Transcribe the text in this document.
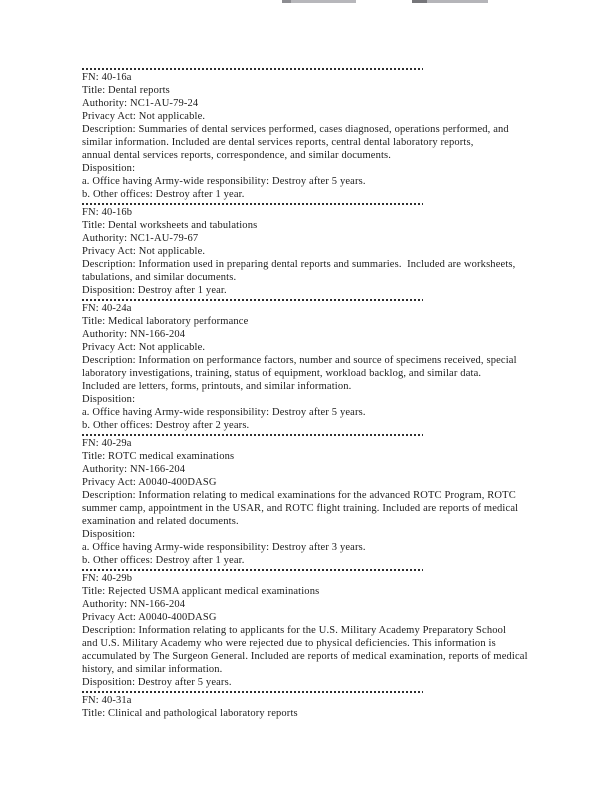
FN: 40-16a
Title: Dental reports
Authority: NC1-AU-79-24
Privacy Act: Not applicable.
Description: Summaries of dental services performed, cases diagnosed, operations performed, and
similar information. Included are dental services reports, central dental laboratory reports,
annual dental services reports, correspondence, and similar documents.
Disposition:
a. Office having Army-wide responsibility: Destroy after 5 years.
b. Other offices: Destroy after 1 year.
FN: 40-16b
Title: Dental worksheets and tabulations
Authority: NC1-AU-79-67
Privacy Act: Not applicable.
Description: Information used in preparing dental reports and summaries.  Included are worksheets,
tabulations, and similar documents.
Disposition: Destroy after 1 year.
FN: 40-24a
Title: Medical laboratory performance
Authority: NN-166-204
Privacy Act: Not applicable.
Description: Information on performance factors, number and source of specimens received, special
laboratory investigations, training, status of equipment, workload backlog, and similar data.
Included are letters, forms, printouts, and similar information.
Disposition:
a. Office having Army-wide responsibility: Destroy after 5 years.
b. Other offices: Destroy after 2 years.
FN: 40-29a
Title: ROTC medical examinations
Authority: NN-166-204
Privacy Act: A0040-400DASG
Description: Information relating to medical examinations for the advanced ROTC Program, ROTC
summer camp, appointment in the USAR, and ROTC flight training. Included are reports of medical
examination and related documents.
Disposition:
a. Office having Army-wide responsibility: Destroy after 3 years.
b. Other offices: Destroy after 1 year.
FN: 40-29b
Title: Rejected USMA applicant medical examinations
Authority: NN-166-204
Privacy Act: A0040-400DASG
Description: Information relating to applicants for the U.S. Military Academy Preparatory School
and U.S. Military Academy who were rejected due to physical deficiencies. This information is
accumulated by The Surgeon General. Included are reports of medical examination, reports of medical
history, and similar information.
Disposition: Destroy after 5 years.
FN: 40-31a
Title: Clinical and pathological laboratory reports
